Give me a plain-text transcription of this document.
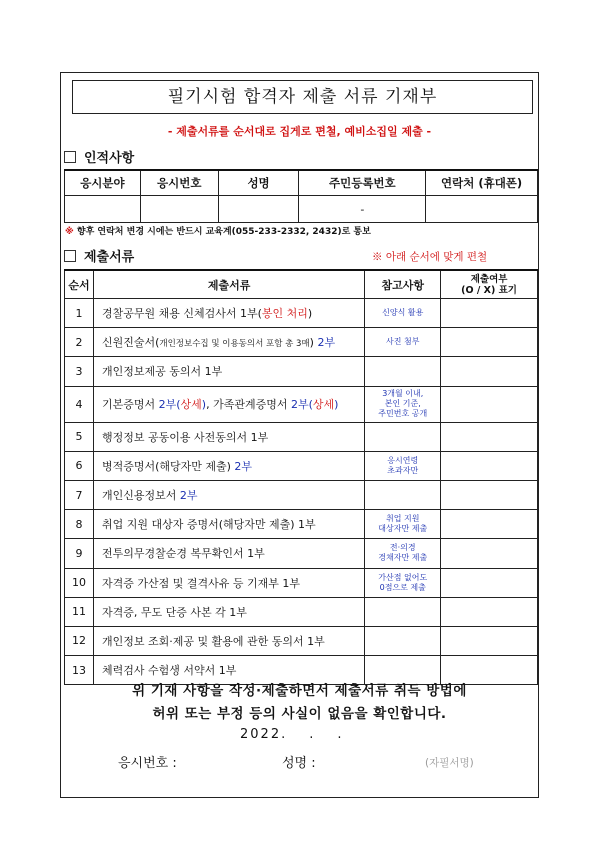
필기시험 합격자 제출 서류 기재부
- 제출서류를 순서대로 집게로 편철, 예비소집일 제출 -
인적사항
응시분야	응시번호	성명	주민등록번호	연락처 (휴대폰)
			-	
※ 향후 연락처 변경 시에는 반드시 교육계(055-233-2332, 2432)로 통보
제출서류	※ 아래 순서에 맞게 편철
순서	제출서류	참고사항	제출여부
(O / X) 표기
1	경찰공무원 채용 신체검사서 1부(봉인 처리)	신양식 활용	
2	신원진술서(개인정보수집 및 이용동의서 포함 총 3매) 2부	사진 첨부	
3	개인정보제공 동의서 1부		
4	기본증명서 2부(상세), 가족관계증명서 2부(상세)	3개월 이내,
본인 기준,
주민번호 공개	
5	행정정보 공동이용 사전동의서 1부		
6	병적증명서(해당자만 제출) 2부	응시연령
초과자만	
7	개인신용정보서 2부		
8	취업 지원 대상자 증명서(해당자만 제출) 1부	취업 지원
대상자만 제출	
9	전투의무경찰순경 복무확인서 1부	전·의경
경채자만 제출	
10	자격증 가산점 및 결격사유 등 기재부 1부	가산점 없어도
0점으로 제출	
11	자격증, 무도 단증 사본 각 1부		
12	개인정보 조회·제공 및 활용에 관한 동의서 1부		
13	체력검사 수험생 서약서 1부		
위 기재 사항을 작성·제출하면서 제출서류 취득 방법에
허위 또는 부정 등의 사실이 없음을 확인합니다.
2022. . .
응시번호 :	성명 :	(자필서명)
